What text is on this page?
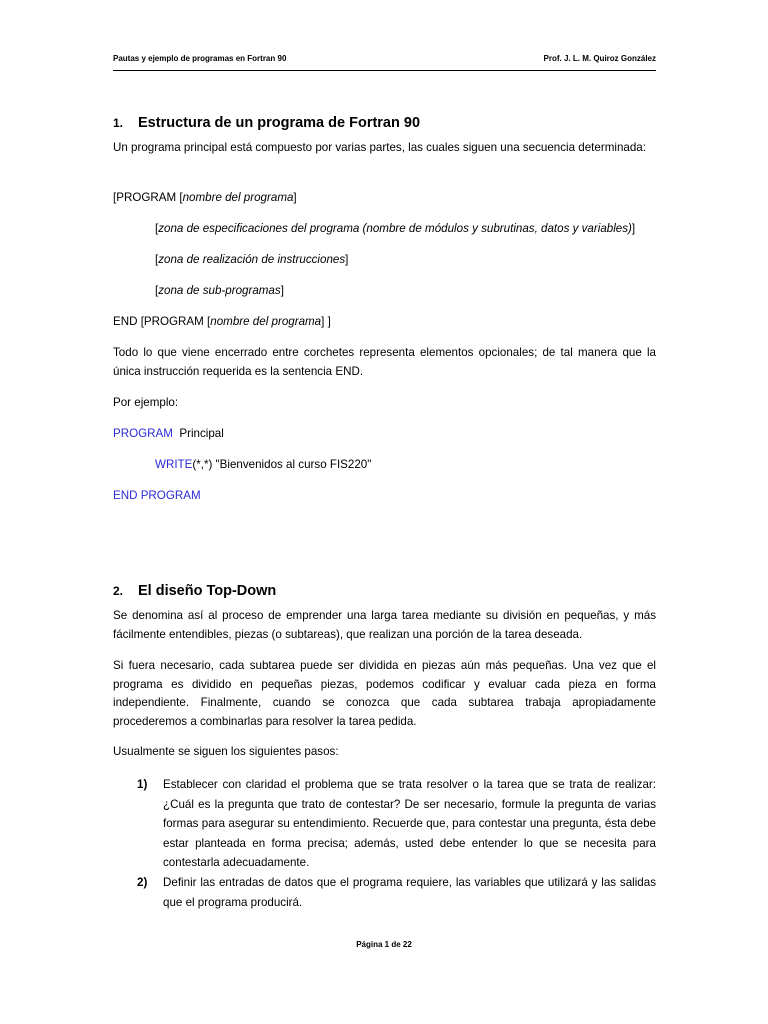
Pautas y ejemplo de programas en Fortran 90	Prof. J. L. M. Quiroz González
1. Estructura de un programa de Fortran 90

Un programa principal está compuesto por varias partes, las cuales siguen una secuencia determinada:

[PROGRAM [nombre del programa]
[zona de especificaciones del programa (nombre de módulos y subrutinas, datos y variables)]
[zona de realización de instrucciones]
[zona de sub-programas]
END [PROGRAM [nombre del programa] ]

Todo lo que viene encerrado entre corchetes representa elementos opcionales; de tal manera que la única instrucción requerida es la sentencia END.

Por ejemplo:
PROGRAM Principal
WRITE(*,*) "Bienvenidos al curso FIS220"
END PROGRAM
2. El diseño Top-Down

Se denomina así al proceso de emprender una larga tarea mediante su división en pequeñas, y más fácilmente entendibles, piezas (o subtareas), que realizan una porción de la tarea deseada.

Si fuera necesario, cada subtarea puede ser dividida en piezas aún más pequeñas. Una vez que el programa es dividido en pequeñas piezas, podemos codificar y evaluar cada pieza en forma independiente. Finalmente, cuando se conozca que cada subtarea trabaja apropiadamente procederemos a combinarlas para resolver la tarea pedida.

Usualmente se siguen los siguientes pasos:

1) Establecer con claridad el problema que se trata resolver o la tarea que se trata de realizar: ¿Cuál es la pregunta que trato de contestar? De ser necesario, formule la pregunta de varias formas para asegurar su entendimiento. Recuerde que, para contestar una pregunta, ésta debe estar planteada en forma precisa; además, usted debe entender lo que se necesita para contestarla adecuadamente.
2) Definir las entradas de datos que el programa requiere, las variables que utilizará y las salidas que el programa producirá.
Página 1 de 22
